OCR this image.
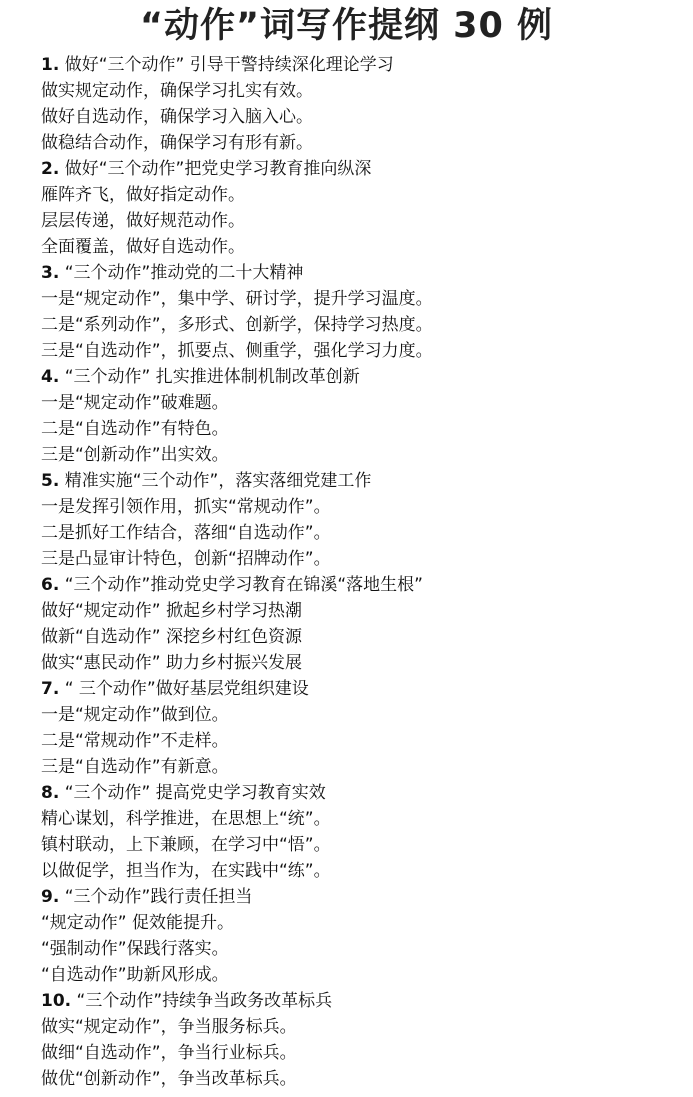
“动作”词写作提纲 30 例
1. 做好“三个动作” 引导干警持续深化理论学习
做实规定动作，确保学习扎实有效。
做好自选动作，确保学习入脑入心。
做稳结合动作，确保学习有形有新。
2. 做好“三个动作”把党史学习教育推向纵深
雁阵齐飞，做好指定动作。
层层传递，做好规范动作。
全面覆盖，做好自选动作。
3. “三个动作”推动党的二十大精神
一是“规定动作”，集中学、研讨学，提升学习温度。
二是“系列动作”，多形式、创新学，保持学习热度。
三是“自选动作”，抓要点、侧重学，强化学习力度。
4. “三个动作” 扎实推进体制机制改革创新
一是“规定动作”破难题。
二是“自选动作”有特色。
三是“创新动作”出实效。
5. 精准实施“三个动作”，落实落细党建工作
一是发挥引领作用，抓实“常规动作”。
二是抓好工作结合，落细“自选动作”。
三是凸显审计特色，创新“招牌动作”。
6. “三个动作”推动党史学习教育在锦溪“落地生根”
做好“规定动作” 掀起乡村学习热潮
做新“自选动作” 深挖乡村红色资源
做实“惠民动作” 助力乡村振兴发展
7. “ 三个动作”做好基层党组织建设
一是“规定动作”做到位。
二是“常规动作”不走样。
三是“自选动作”有新意。
8. “三个动作” 提高党史学习教育实效
精心谋划，科学推进，在思想上“统”。
镇村联动，上下兼顾，在学习中“悟”。
以做促学，担当作为，在实践中“练”。
9. “三个动作”践行责任担当
“规定动作” 促效能提升。
“强制动作”保践行落实。
“自选动作”助新风形成。
10. “三个动作”持续争当政务改革标兵
做实“规定动作”，争当服务标兵。
做细“自选动作”，争当行业标兵。
做优“创新动作”，争当改革标兵。
